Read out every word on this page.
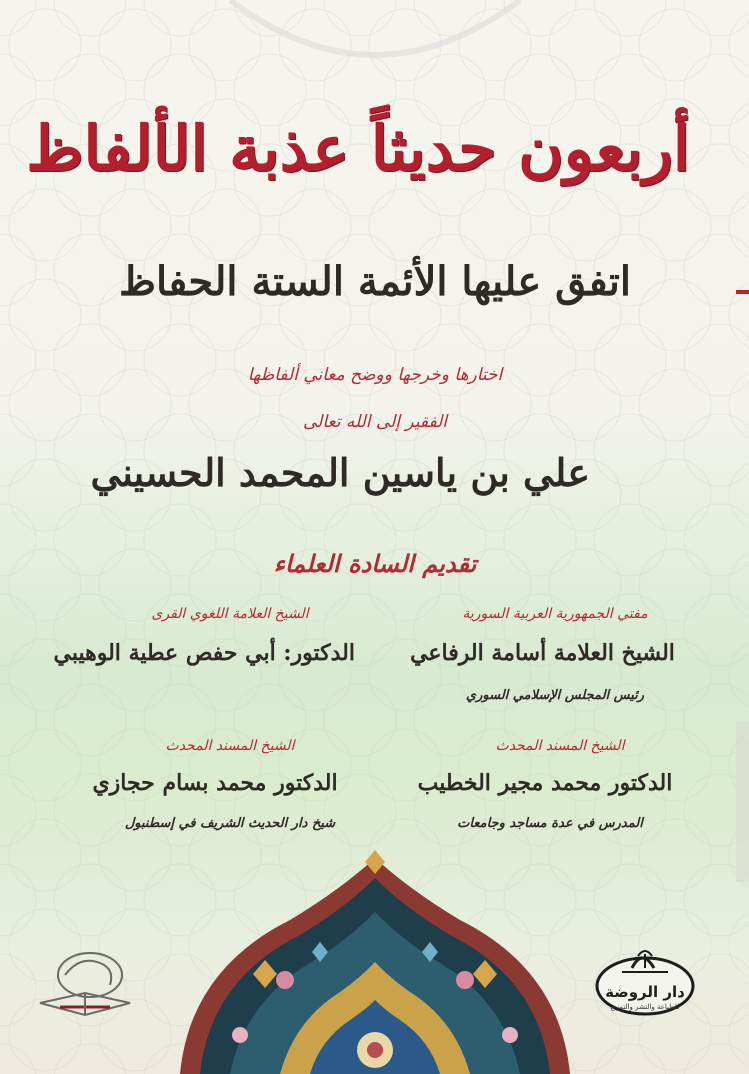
أربعون حديثاً عذبة الألفاظ
اتفق عليها الأئمة الستة الحفاظ
اختارها وخرجها ووضح معاني ألفاظها
الفقير إلى الله تعالى
علي بن ياسين المحمد الحسيني
تقديم السادة العلماء
مفتي الجمهورية العربية السورية
الشيخ العلامة أسامة الرفاعي
رئيس المجلس الإسلامي السوري
الشيخ العلامة اللغوي القرى
الدكتور: أبي حفص عطية الوهيبي
الشيخ المسند المحدث
الدكتور محمد مجير الخطيب
المدرس في عدة مساجد وجامعات
الشيخ المسند المحدث
الدكتور محمد بسام حجازي
شيخ دار الحديث الشريف في إسطنبول
دار الروضة
للطباعة والنشر والتوزيع
